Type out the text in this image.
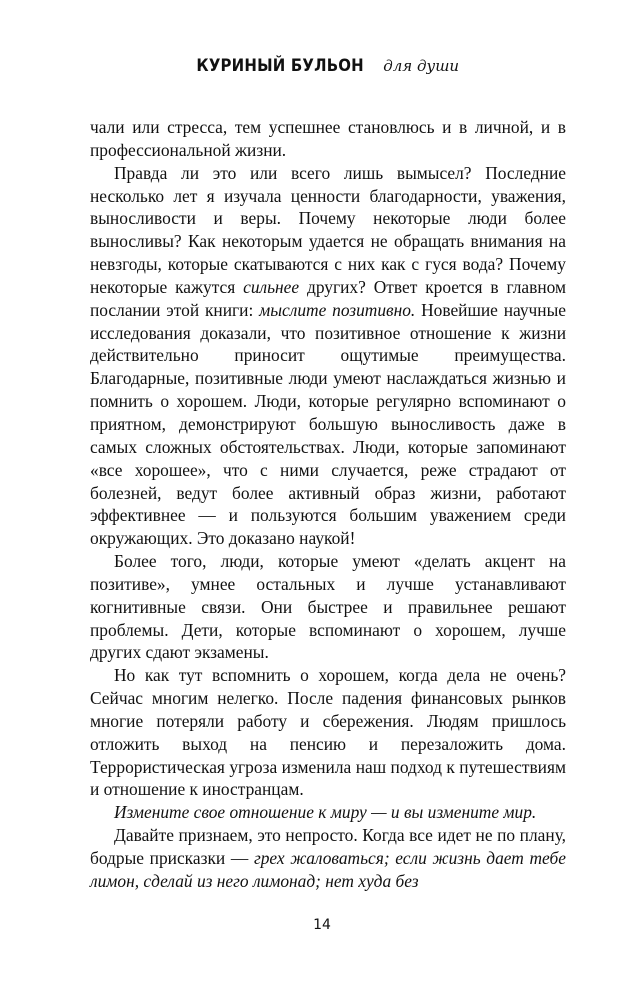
КУРИНЫЙ БУЛЬОН для души

чали или стресса, тем успешнее становлюсь и в личной, и в профессиональной жизни.

Правда ли это или всего лишь вымысел? Последние несколько лет я изучала ценности благодарности, уважения, выносливости и веры. Почему некоторые люди более выносливы? Как некоторым удается не обращать внимания на невзгоды, которые скатываются с них как с гуся вода? Почему некоторые кажутся сильнее других? Ответ кроется в главном послании этой книги: мыслите позитивно. Новейшие научные исследования доказали, что позитивное отношение к жизни действительно приносит ощутимые преимущества. Благодарные, позитивные люди умеют наслаждаться жизнью и помнить о хорошем. Люди, которые регулярно вспоминают о приятном, демонстрируют большую выносливость даже в самых сложных обстоятельствах. Люди, которые запоминают «все хорошее», что с ними случается, реже страдают от болезней, ведут более активный образ жизни, работают эффективнее — и пользуются большим уважением среди окружающих. Это доказано наукой!

Более того, люди, которые умеют «делать акцент на позитиве», умнее остальных и лучше устанавливают когнитивные связи. Они быстрее и правильнее решают проблемы. Дети, которые вспоминают о хорошем, лучше других сдают экзамены.

Но как тут вспомнить о хорошем, когда дела не очень? Сейчас многим нелегко. После падения финансовых рынков многие потеряли работу и сбережения. Людям пришлось отложить выход на пенсию и перезаложить дома. Террористическая угроза изменила наш подход к путешествиям и отношение к иностранцам.

Измените свое отношение к миру — и вы измените мир.

Давайте признаем, это непросто. Когда все идет не по плану, бодрые присказки — грех жаловаться; если жизнь дает тебе лимон, сделай из него лимонад; нет худа без

14
